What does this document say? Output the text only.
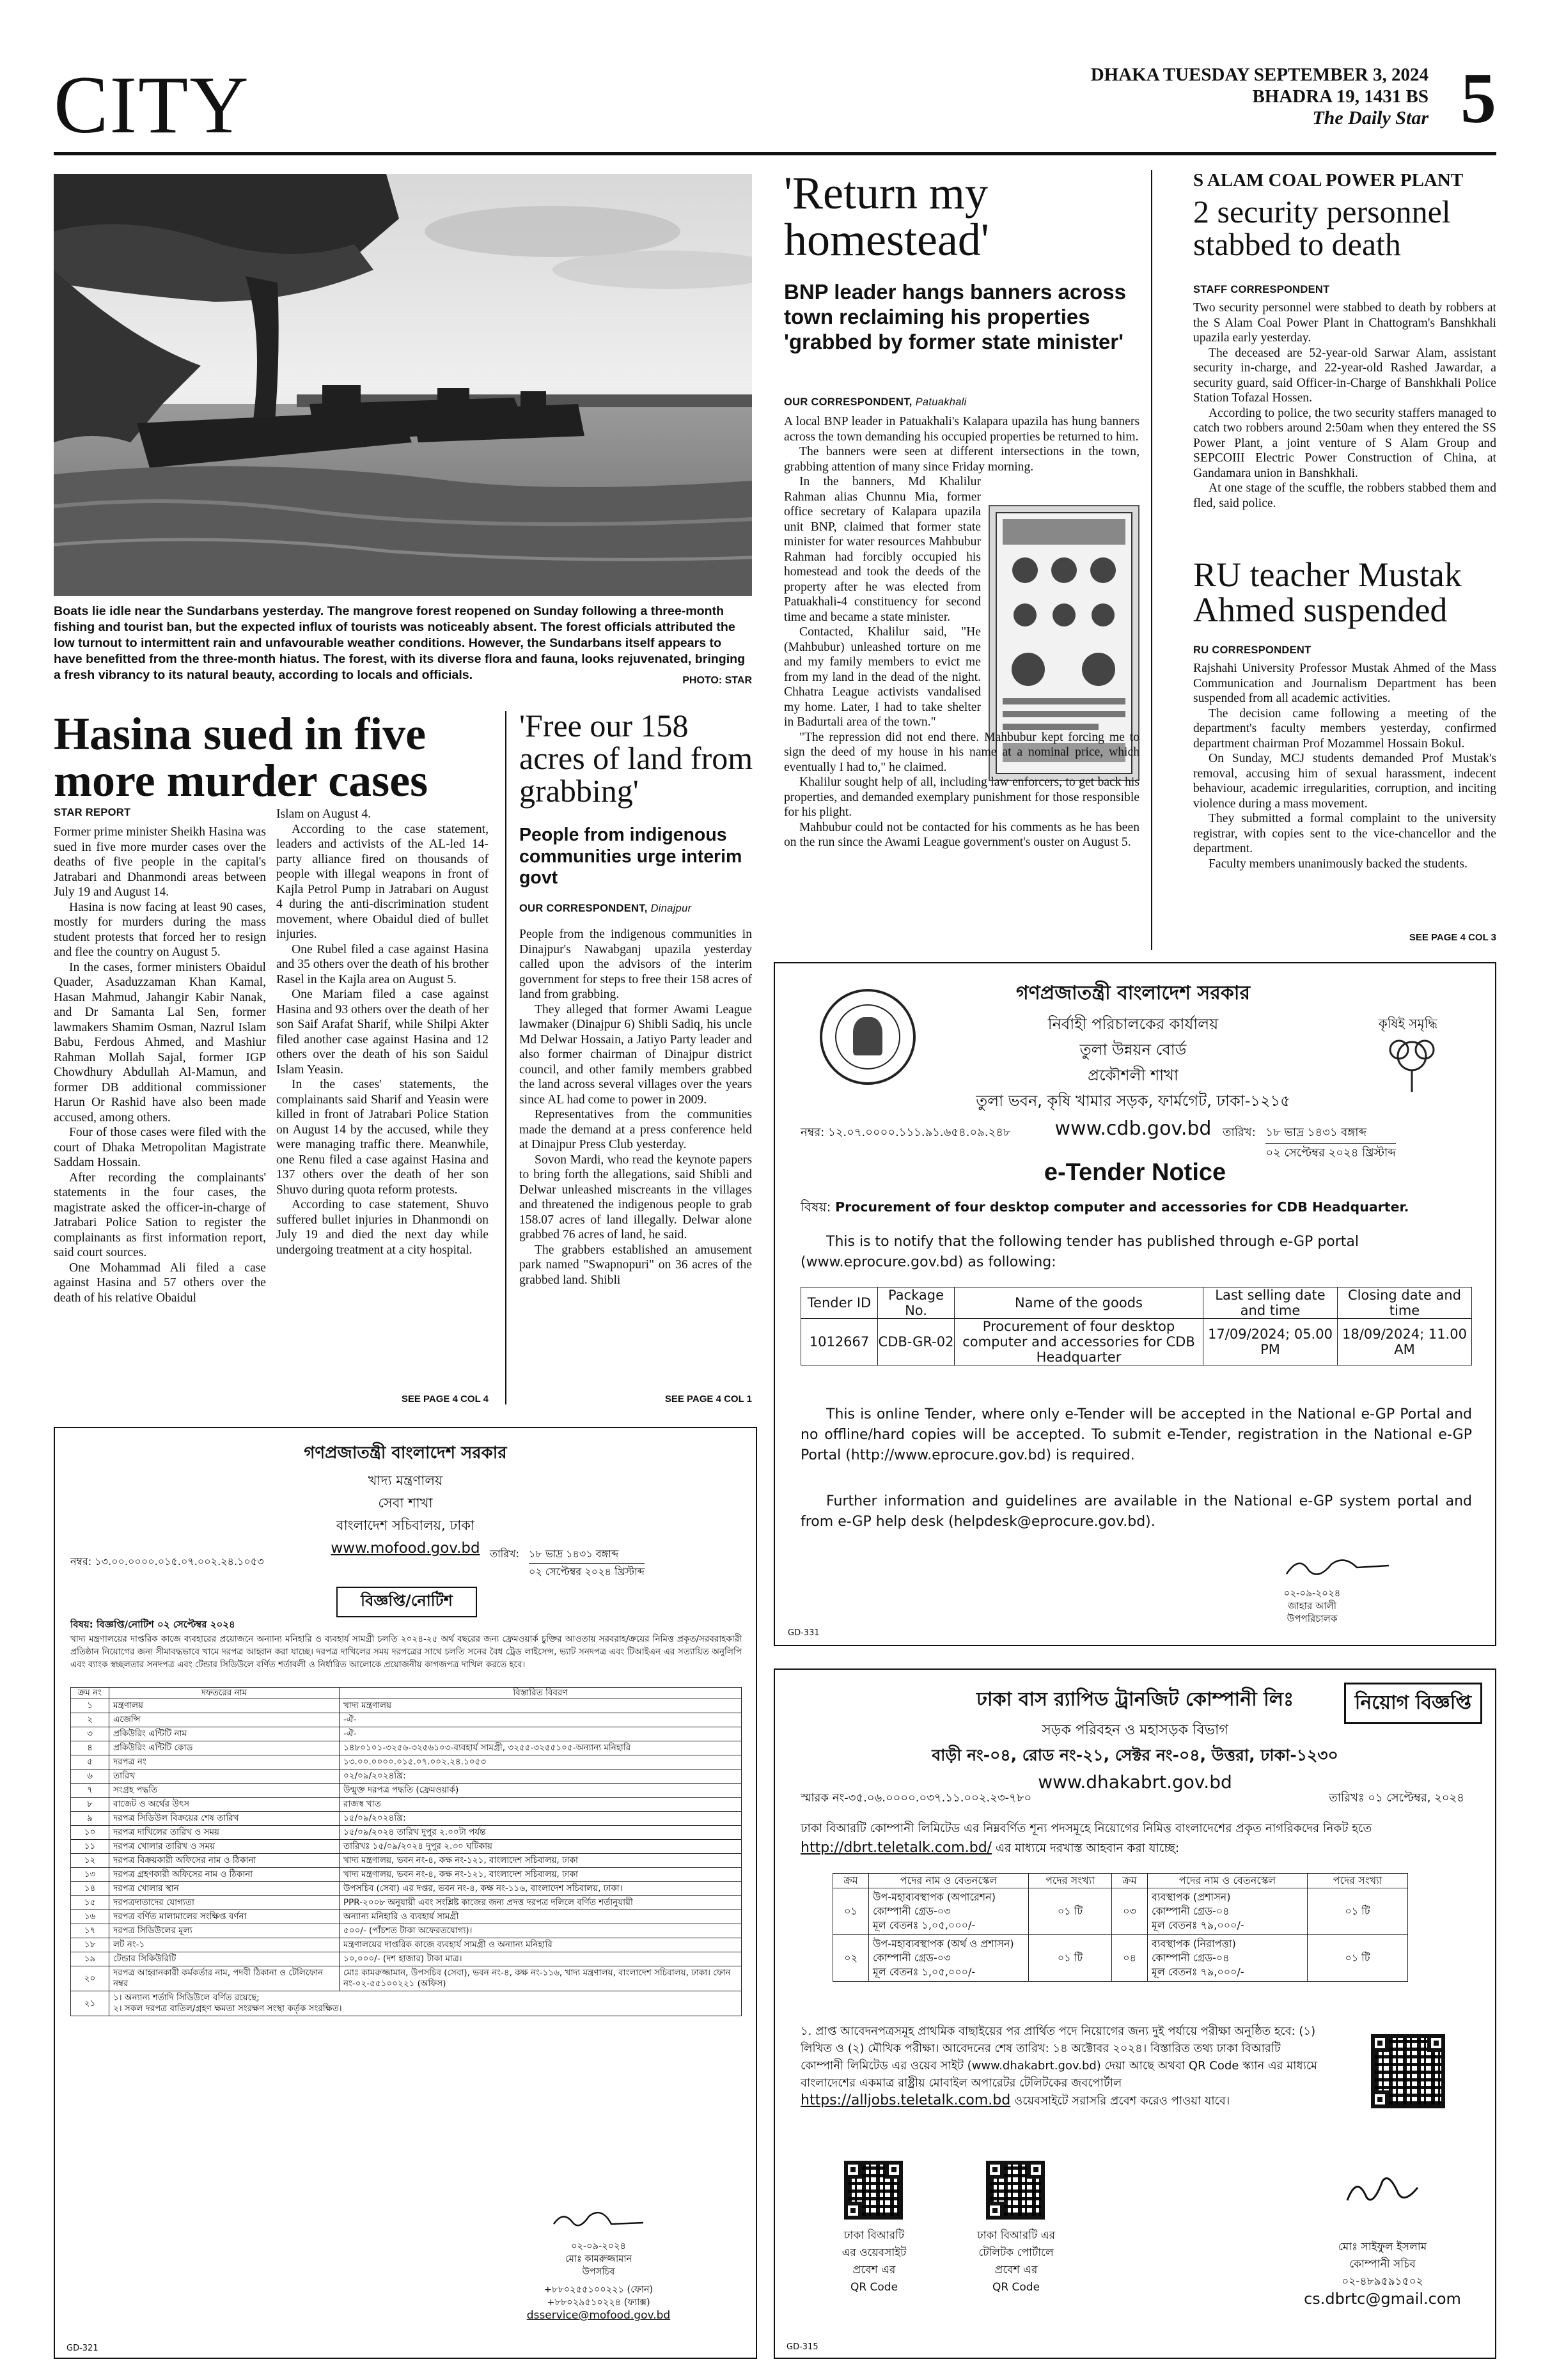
CITY	DHAKA TUESDAY SEPTEMBER 3, 2024
BHADRA 19, 1431 BS
The Daily Star 5
Boats lie idle near the Sundarbans yesterday. The mangrove forest reopened on Sunday following a three-month fishing and tourist ban, but the expected influx of tourists was noticeably absent. The forest officials attributed the low turnout to intermittent rain and unfavourable weather conditions. However, the Sundarbans itself appears to have benefitted from the three-month hiatus. The forest, with its diverse flora and fauna, looks rejuvenated, bringing a fresh vibrancy to its natural beauty, according to locals and officials.	PHOTO: STAR
Hasina sued in five more murder cases
STAR REPORT

Former prime minister Sheikh Hasina was sued in five more murder cases over the deaths of five people in the capital's Jatrabari and Dhanmondi areas between July 19 and August 14.

Hasina is now facing at least 90 cases, mostly for murders during the mass student protests that forced her to resign and flee the country on August 5.

In the cases, former ministers Obaidul Quader, Asaduzzaman Khan Kamal, Hasan Mahmud, Jahangir Kabir Nanak, and Dr Samanta Lal Sen, former lawmakers Shamim Osman, Nazrul Islam Babu, Ferdous Ahmed, and Mashiur Rahman Mollah Sajal, former IGP Chowdhury Abdullah Al-Mamun, and former DB additional commissioner Harun Or Rashid have also been made accused, among others.

Four of those cases were filed with the court of Dhaka Metropolitan Magistrate Saddam Hossain.

After recording the complainants' statements in the four cases, the magistrate asked the officer-in-charge of Jatrabari Police Sation to register the complainants as first information report, said court sources.

One Mohammad Ali filed a case against Hasina and 57 others over the death of his relative Obaidul

Islam on August 4.

According to the case statement, leaders and activists of the AL-led 14-party alliance fired on thousands of people with illegal weapons in front of Kajla Petrol Pump in Jatrabari on August 4 during the anti-discrimination student movement, where Obaidul died of bullet injuries.

One Rubel filed a case against Hasina and 35 others over the death of his brother Rasel in the Kajla area on August 5.

One Mariam filed a case against Hasina and 93 others over the death of her son Saif Arafat Sharif, while Shilpi Akter filed another case against Hasina and 12 others over the death of his son Saidul Islam Yeasin.

In the cases' statements, the complainants said Sharif and Yeasin were killed in front of Jatrabari Police Station on August 14 by the accused, while they were managing traffic there. Meanwhile, one Renu filed a case against Hasina and 137 others over the death of her son Shuvo during quota reform protests.

According to case statement, Shuvo suffered bullet injuries in Dhanmondi on July 19 and died the next day while undergoing treatment at a city hospital.

SEE PAGE 4 COL 4
'Free our 158 acres of land from grabbing'
People from indigenous communities urge interim govt
OUR CORRESPONDENT, Dinajpur

People from the indigenous communities in Dinajpur's Nawabganj upazila yesterday called upon the advisors of the interim government for steps to free their 158 acres of land from grabbing.

They alleged that former Awami League lawmaker (Dinajpur 6) Shibli Sadiq, his uncle Md Delwar Hossain, a Jatiyo Party leader and also former chairman of Dinajpur district council, and other family members grabbed the land across several villages over the years since AL had come to power in 2009.

Representatives from the communities made the demand at a press conference held at Dinajpur Press Club yesterday.

Sovon Mardi, who read the keynote papers to bring forth the allegations, said Shibli and Delwar unleashed miscreants in the villages and threatened the indigenous people to grab 158.07 acres of land illegally. Delwar alone grabbed 76 acres of land, he said.

The grabbers established an amusement park named "Swapnopuri" on 36 acres of the grabbed land. Shibli

SEE PAGE 4 COL 1
'Return my homestead'
BNP leader hangs banners across town reclaiming his properties 'grabbed by former state minister'
OUR CORRESPONDENT, Patuakhali

A local BNP leader in Patuakhali's Kalapara upazila has hung banners across the town demanding his occupied properties be returned to him.

The banners were seen at different intersections in the town, grabbing attention of many since Friday morning.

In the banners, Md Khalilur Rahman alias Chunnu Mia, former office secretary of Kalapara upazila unit BNP, claimed that former state minister for water resources Mahbubur Rahman had forcibly occupied his homestead and took the deeds of the property after he was elected from Patuakhali-4 constituency for second time and became a state minister.

Contacted, Khalilur said, "He (Mahbubur) unleashed torture on me and my family members to evict me from my land in the dead of the night. Chhatra League activists vandalised my home. Later, I had to take shelter in Badurtali area of the town."

"The repression did not end there. Mahbubur kept forcing me to sign the deed of my house in his name at a nominal price, which eventually I had to," he claimed.

Khalilur sought help of all, including law enforcers, to get back his properties, and demanded exemplary punishment for those responsible for his plight.

Mahbubur could not be contacted for his comments as he has been on the run since the Awami League government's ouster on August 5.

S ALAM COAL POWER PLANT
2 security personnel stabbed to death
STAFF CORRESPONDENT

Two security personnel were stabbed to death by robbers at the S Alam Coal Power Plant in Chattogram's Banshkhali upazila early yesterday.

The deceased are 52-year-old Sarwar Alam, assistant security in-charge, and 22-year-old Rashed Jawardar, a security guard, said Officer-in-Charge of Banshkhali Police Station Tofazal Hossen.

According to police, the two security staffers managed to catch two robbers around 2:50am when they entered the SS Power Plant, a joint venture of S Alam Group and SEPCOIII Electric Power Construction of China, at Gandamara union in Banshkhali.

At one stage of the scuffle, the robbers stabbed them and fled, said police.

RU teacher Mustak Ahmed suspended
RU CORRESPONDENT

Rajshahi University Professor Mustak Ahmed of the Mass Communication and Journalism Department has been suspended from all academic activities.

The decision came following a meeting of the department's faculty members yesterday, confirmed department chairman Prof Mozammel Hossain Bokul.

On Sunday, MCJ students demanded Prof Mustak's removal, accusing him of sexual harassment, indecent behaviour, academic irregularities, corruption, and inciting violence during a mass movement.

They submitted a formal complaint to the university registrar, with copies sent to the vice-chancellor and the department.

Faculty members unanimously backed the students.

SEE PAGE 4 COL 3
গণপ্রজাতন্ত্রী বাংলাদেশ সরকার
নির্বাহী পরিচালকের কার্যালয়
তুলা উন্নয়ন বোর্ড
প্রকৌশলী শাখা
তুলা ভবন, কৃষি খামার সড়ক, ফার্মগেট, ঢাকা-১২১৫
www.cdb.gov.bd
কৃষিই সমৃদ্ধি
নম্বর: ১২.০৭.০০০০.১১১.৯১.৬৫৪.০৯.২৪৮	তারিখ: ১৮ ভাদ্র ১৪৩১ বঙ্গাব্দ
০২ সেপ্টেম্বর ২০২৪ খ্রিস্টাব্দ
e-Tender Notice
বিষয়: Procurement of four desktop computer and accessories for CDB Headquarter.
This is to notify that the following tender has published through e-GP portal (www.eprocure.gov.bd) as following:
Tender ID	Package No.	Name of the goods	Last selling date and time	Closing date and time
1012667	CDB-GR-02	Procurement of four desktop computer and accessories for CDB Headquarter	17/09/2024; 05.00 PM	18/09/2024; 11.00 AM
This is online Tender, where only e-Tender will be accepted in the National e-GP Portal and no offline/hard copies will be accepted. To submit e-Tender, registration in the National e-GP Portal (http://www.eprocure.gov.bd) is required.
Further information and guidelines are available in the National e-GP system portal and from e-GP help desk (helpdesk@eprocure.gov.bd).
০২-০৯-২০২৪
জাহার আলী
উপপরিচালক
GD-331
গণপ্রজাতন্ত্রী বাংলাদেশ সরকার
খাদ্য মন্ত্রণালয়
সেবা শাখা
বাংলাদেশ সচিবালয়, ঢাকা
www.mofood.gov.bd
নম্বর: ১৩.০০.০০০০.০১৫.০৭.০০২.২৪.১০৫৩
তারিখ: ১৮ ভাদ্র ১৪৩১ বঙ্গাব্দ
০২ সেপ্টেম্বর ২০২৪ খ্রিস্টাব্দ
বিজ্ঞপ্তি/নোটিশ
বিষয়: বিজ্ঞপ্তি/নোটিশ ০২ সেপ্টেম্বর ২০২৪
খাদ্য মন্ত্রণালয়ের দাপ্তরিক কাজে ব্যবহারের প্রয়োজনে অন্যান্য মনিহারি ও ব্যবহার্য সামগ্রী চলতি ২০২৪-২৫ অর্থ বছরের জন্য ফ্রেমওয়ার্ক চুক্তির আওতায় সরবরাহ/ক্রয়ের নিমিত্ত প্রকৃত/সরবরাহকারী প্রতিষ্ঠান নিয়োগের জন্য সীমাবদ্ধভাবে খামে দরপত্র আহ্বান করা যাচ্ছে। দরপত্র দাখিলের সময় দরপত্রের সাথে চলতি সনের বৈধ ট্রেড লাইসেন্স, ভ্যাট সনদপত্র এবং টিআইএন এর সত্যায়িত অনুলিপি এবং ব্যাংক স্বচ্ছলতার সনদপত্র এবং টেন্ডার সিডিউলে বর্ণিত শর্তাবলী ও নির্ধারিত আলোকে প্রয়োজনীয় কাগজপত্র দাখিল করতে হবে।
ক্রম নং	দফতরের নাম	বিস্তারিত বিবরণ
১	মন্ত্রণালয়	খাদ্য মন্ত্রণালয়
২	এজেন্সি	-ঐ-
৩	প্রকিউরিং এন্টিটি নাম	-ঐ-
৪	প্রকিউরিং এন্টিটি কোড	১৪৮০১০১-৩২৫৬-৩২৫৬১০৩-ব্যবহার্য সামগ্রী, ৩২৫৫-৩২৫৫১০৫-অন্যান্য মনিহারি
৫	দরপত্র নং	১৩.০০.০০০০.০১৫.০৭.০০২.২৪.১০৫৩
৬	তারিখ	০২/০৯/২০২৪খ্রি:
৭	সংগ্রহ পদ্ধতি	উন্মুক্ত দরপত্র পদ্ধতি (ফ্রেমওয়ার্ক)
৮	বাজেট ও অর্থের উৎস	রাজস্ব খাত
৯	দরপত্র সিডিউল বিক্রয়ের শেষ তারিখ	১৫/০৯/২০২৪খ্রি:
১০	দরপত্র দাখিলের তারিখ ও সময়	১৫/০৯/২০২৪ তারিখ দুপুর ২.০০টা পর্যন্ত
১১	দরপত্র খোলার তারিখ ও সময়	তারিখঃ ১৫/০৯/২০২৪ দুপুর ২.৩০ ঘটিকায়
১২	দরপত্র বিক্রয়কারী অফিসের নাম ও ঠিকানা	খাদ্য মন্ত্রণালয়, ভবন নং-৪, কক্ষ নং-১২১, বাংলাদেশ সচিবালয়, ঢাকা
১৩	দরপত্র গ্রহণকারী অফিসের নাম ও ঠিকানা	খাদ্য মন্ত্রণালয়, ভবন নং-৪, কক্ষ নং-১২১, বাংলাদেশ সচিবালয়, ঢাকা
১৪	দরপত্র খোলার স্থান	উপসচিব (সেবা) এর দপ্তর, ভবন নং-৪, কক্ষ নং-১১৬, বাংলাদেশ সচিবালয়, ঢাকা।
১৫	দরপত্রদাতাদের যোগ্যতা	PPR-২০০৮ অনুযায়ী এবং সংশ্লিষ্ট কাজের জন্য প্রদত্ত দরপত্র দলিলে বর্ণিত শর্তানুযায়ী
১৬	দরপত্র বর্ণিত মালামালের সংক্ষিপ্ত বর্ণনা	অন্যান্য মনিহারি ও ব্যবহার্য সামগ্রী
১৭	দরপত্র সিডিউলের মূল্য	৫০০/- (পাঁচশত টাকা অফেরতযোগ্য)।
১৮	লট নং-১	মন্ত্রণালয়ের দাপ্তরিক কাজে ব্যবহার্য সামগ্রী ও অন্যান্য মনিহারি
১৯	টেন্ডার সিকিউরিটি	১০,০০০/- (দশ হাজার) টাকা মাত্র।
২০	দরপত্র আহ্বানকারী কর্মকর্তার নাম, পদবী ঠিকানা ও টেলিফোন নম্বর	মোঃ কামরুজ্জামান, উপসচিব (সেবা), ভবন নং-৪, কক্ষ নং-১১৬, খাদ্য মন্ত্রণালয়, বাংলাদেশ সচিবালয়, ঢাকা। ফোন নং-০২-৫৫১০০২২১ (অফিস)
২১	১। অন্যান্য শর্তাদি সিডিউলে বর্ণিত রয়েছে;
২। সকল দরপত্র বাতিল/গ্রহণ ক্ষমতা সংরক্ষণ সংস্থা কর্তৃক সংরক্ষিত।	
০২-০৯-২০২৪
মোঃ কামরুজ্জামান
উপসচিব
+৮৮০২৫৫১০০২২১ (ফোন)
+৮৮০২৯৫১০২২৪ (ফ্যাক্স)
dsservice@mofood.gov.bd
GD-321
ঢাকা বাস র‍্যাপিড ট্রানজিট কোম্পানী লিঃ
সড়ক পরিবহন ও মহাসড়ক বিভাগ
বাড়ী নং-০৪, রোড নং-২১, সেক্টর নং-০৪, উত্তরা, ঢাকা-১২৩০
www.dhakabrt.gov.bd
নিয়োগ বিজ্ঞপ্তি
স্মারক নং-৩৫.০৬.০০০০.০৩৭.১১.০০২.২৩-৭৮০	তারিখঃ ০১ সেপ্টেম্বর, ২০২৪
ঢাকা বিআরটি কোম্পানী লিমিটেড এর নিম্নবর্ণিত শূন্য পদসমূহে নিয়োগের নিমিত্ত বাংলাদেশের প্রকৃত নাগরিকদের নিকট হতে http://dbrt.teletalk.com.bd/ এর মাধ্যমে দরখাস্ত আহবান করা যাচ্ছে:
ক্রম	পদের নাম ও বেতনস্কেল	পদের সংখ্যা	ক্রম	পদের নাম ও বেতনস্কেল	পদের সংখ্যা
০১	উপ-মহাব্যবস্থাপক (অপারেশন)
কোম্পানী গ্রেড-০৩
মূল বেতনঃ ১,০৫,০০০/-	০১ টি	০৩	ব্যবস্থাপক (প্রশাসন)
কোম্পানী গ্রেড-০৪
মূল বেতনঃ ৭৯,০০০/-	০১ টি
০২	উপ-মহাব্যবস্থাপক (অর্থ ও প্রশাসন)
কোম্পানী গ্রেড-০৩
মূল বেতনঃ ১,০৫,০০০/-	০১ টি	০৪	ব্যবস্থাপক (নিরাপত্তা)
কোম্পানী গ্রেড-০৪
মূল বেতনঃ ৭৯,০০০/-	০১ টি
১. প্রাপ্ত আবেদনপত্রসমূহ প্রাথমিক বাছাইয়ের পর প্রার্থিত পদে নিয়োগের জন্য দুই পর্যায়ে পরীক্ষা অনুষ্ঠিত হবে: (১) লিখিত ও (২) মৌখিক পরীক্ষা। আবেদনের শেষ তারিখ: ১৪ অক্টোবর ২০২৪। বিস্তারিত তথ্য ঢাকা বিআরটি কোম্পানী লিমিটেড এর ওয়েব সাইট (www.dhakabrt.gov.bd) দেয়া আছে অথবা QR Code স্ক্যান এর মাধ্যমে বাংলাদেশের একমাত্র রাষ্ট্রীয় মোবাইল অপারেটর টেলিটকের জবপোর্টাল https://alljobs.teletalk.com.bd ওয়েবসাইটে সরাসরি প্রবেশ করেও পাওয়া যাবে।
ঢাকা বিআরটি
এর ওয়েবসাইট
প্রবেশ এর
QR Code
ঢাকা বিআরটি এর
টেলিটক পোর্টালে
প্রবেশ এর
QR Code
মোঃ সাইফুল ইসলাম
কোম্পানী সচিব
০২-৪৮৯৫৯১৫০২
cs.dbrtc@gmail.com
GD-315
